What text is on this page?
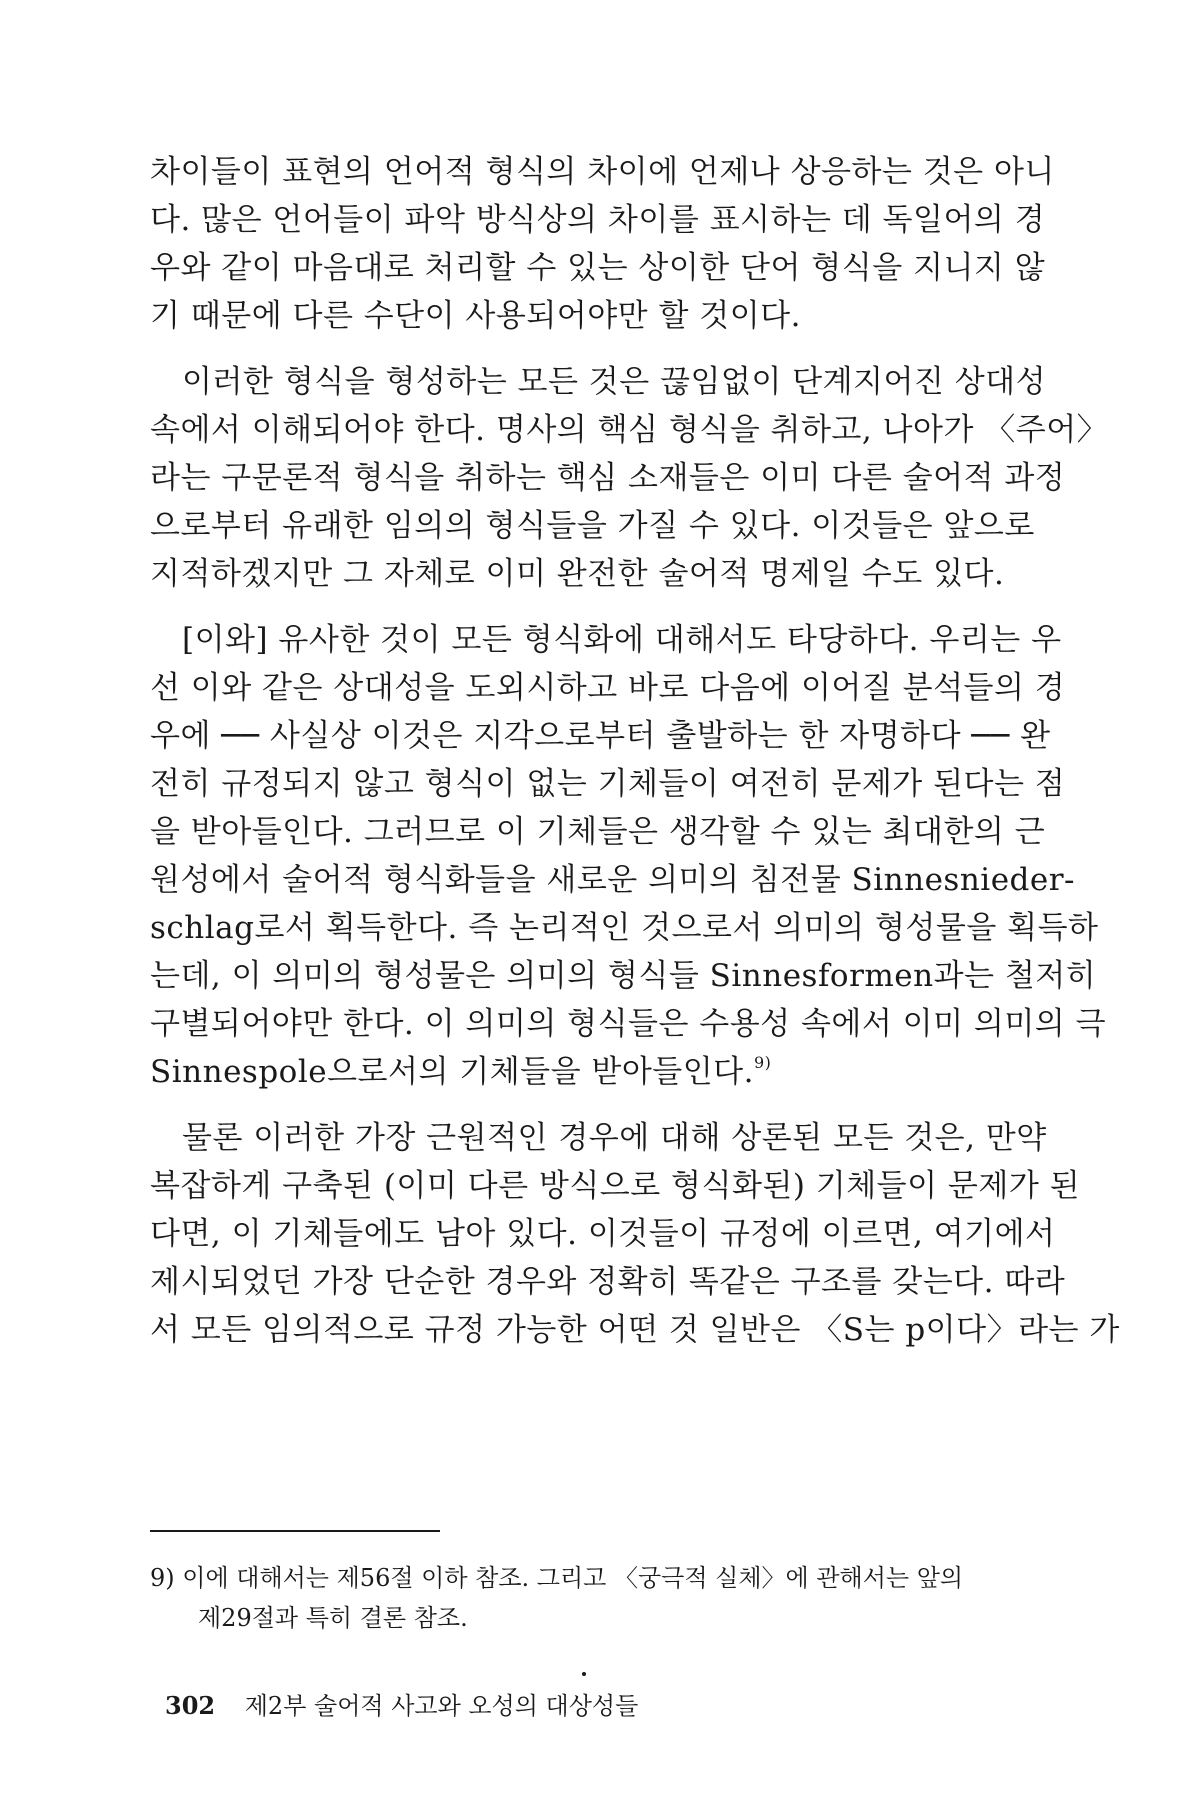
차이들이 표현의 언어적 형식의 차이에 언제나 상응하는 것은 아니
다. 많은 언어들이 파악 방식상의 차이를 표시하는 데 독일어의 경
우와 같이 마음대로 처리할 수 있는 상이한 단어 형식을 지니지 않
기 때문에 다른 수단이 사용되어야만 할 것이다.
이러한 형식을 형성하는 모든 것은 끊임없이 단계지어진 상대성
속에서 이해되어야 한다. 명사의 핵심 형식을 취하고, 나아가 〈주어〉
라는 구문론적 형식을 취하는 핵심 소재들은 이미 다른 술어적 과정
으로부터 유래한 임의의 형식들을 가질 수 있다. 이것들은 앞으로
지적하겠지만 그 자체로 이미 완전한 술어적 명제일 수도 있다.
[이와] 유사한 것이 모든 형식화에 대해서도 타당하다. 우리는 우
선 이와 같은 상대성을 도외시하고 바로 다음에 이어질 분석들의 경
우에 ── 사실상 이것은 지각으로부터 출발하는 한 자명하다 ── 완
전히 규정되지 않고 형식이 없는 기체들이 여전히 문제가 된다는 점
을 받아들인다. 그러므로 이 기체들은 생각할 수 있는 최대한의 근
원성에서 술어적 형식화들을 새로운 의미의 침전물 Sinnesnieder-
schlag로서 획득한다. 즉 논리적인 것으로서 의미의 형성물을 획득하
는데, 이 의미의 형성물은 의미의 형식들 Sinnesformen과는 철저히
구별되어야만 한다. 이 의미의 형식들은 수용성 속에서 이미 의미의 극
Sinnespole으로서의 기체들을 받아들인다.$^{9)}$
물론 이러한 가장 근원적인 경우에 대해 상론된 모든 것은, 만약
복잡하게 구축된 (이미 다른 방식으로 형식화된) 기체들이 문제가 된
다면, 이 기체들에도 남아 있다. 이것들이 규정에 이르면, 여기에서
제시되었던 가장 단순한 경우와 정확히 똑같은 구조를 갖는다. 따라
서 모든 임의적으로 규정 가능한 어떤 것 일반은 〈S는 p이다〉라는 가
9) 이에 대해서는 제56절 이하 참조. 그리고 〈궁극적 실체〉에 관해서는 앞의
제29절과 특히 결론 참조.
302 제2부 술어적 사고와 오성의 대상성들
